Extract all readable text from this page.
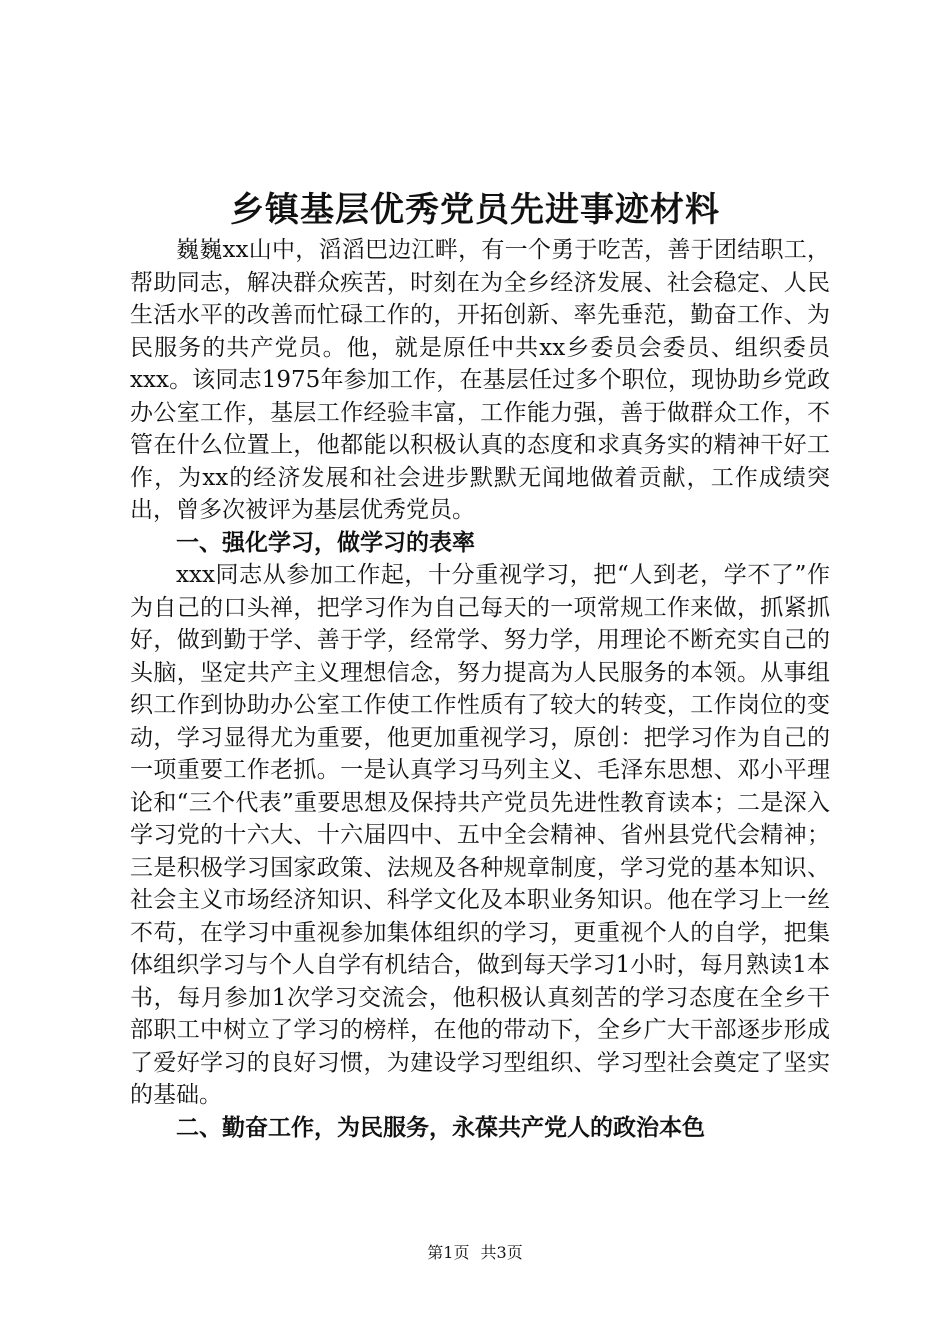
乡镇基层优秀党员先进事迹材料

巍巍xx山中，滔滔巴边江畔，有一个勇于吃苦，善于团结职工，帮助同志，解决群众疾苦，时刻在为全乡经济发展、社会稳定、人民生活水平的改善而忙碌工作的，开拓创新、率先垂范，勤奋工作、为民服务的共产党员。他，就是原任中共xx乡委员会委员、组织委员xxx。该同志1975年参加工作，在基层任过多个职位，现协助乡党政办公室工作，基层工作经验丰富，工作能力强，善于做群众工作，不管在什么位置上，他都能以积极认真的态度和求真务实的精神干好工作，为xx的经济发展和社会进步默默无闻地做着贡献，工作成绩突出，曾多次被评为基层优秀党员。

一、强化学习，做学习的表率

xxx同志从参加工作起，十分重视学习，把“人到老，学不了”作为自己的口头禅，把学习作为自己每天的一项常规工作来做，抓紧抓好，做到勤于学、善于学，经常学、努力学，用理论不断充实自己的头脑，坚定共产主义理想信念，努力提高为人民服务的本领。从事组织工作到协助办公室工作使工作性质有了较大的转变，工作岗位的变动，学习显得尤为重要，他更加重视学习，原创：把学习作为自己的一项重要工作老抓。一是认真学习马列主义、毛泽东思想、邓小平理论和“三个代表”重要思想及保持共产党员先进性教育读本；二是深入学习党的十六大、十六届四中、五中全会精神、省州县党代会精神；三是积极学习国家政策、法规及各种规章制度，学习党的基本知识、社会主义市场经济知识、科学文化及本职业务知识。他在学习上一丝不苟，在学习中重视参加集体组织的学习，更重视个人的自学，把集体组织学习与个人自学有机结合，做到每天学习1小时，每月熟读1本书，每月参加1次学习交流会，他积极认真刻苦的学习态度在全乡干部职工中树立了学习的榜样，在他的带动下，全乡广大干部逐步形成了爱好学习的良好习惯，为建设学习型组织、学习型社会奠定了坚实的基础。

二、勤奋工作，为民服务，永葆共产党人的政治本色

第1页 共3页
